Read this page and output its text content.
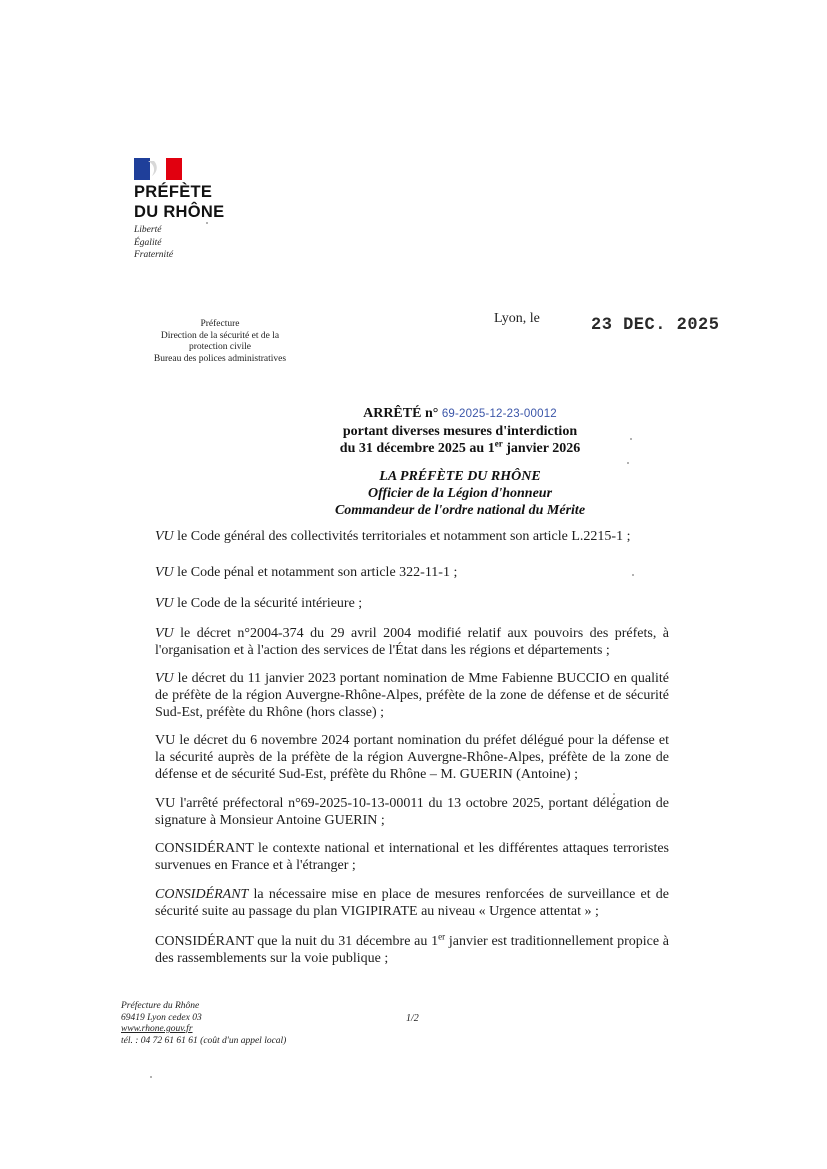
PRÉFÈTE
DU RHÔNE
Liberté
Égalité
Fraternité
Préfecture
Direction de la sécurité et de la
protection civile
Bureau des polices administratives
Lyon, le	23 DEC. 2025
ARRÊTÉ n° 69-2025-12-23-00012
portant diverses mesures d'interdiction
du 31 décembre 2025 au 1er janvier 2026
LA PRÉFÈTE DU RHÔNE
Officier de la Légion d'honneur
Commandeur de l'ordre national du Mérite
VU le Code général des collectivités territoriales et notamment son article L.2215-1 ;
VU le Code pénal et notamment son article 322-11-1 ;
VU le Code de la sécurité intérieure ;
VU le décret n°2004-374 du 29 avril 2004 modifié relatif aux pouvoirs des préfets, à l'organisation et à l'action des services de l'État dans les régions et départements ;
VU le décret du 11 janvier 2023 portant nomination de Mme Fabienne BUCCIO en qualité de préfète de la région Auvergne-Rhône-Alpes, préfète de la zone de défense et de sécurité Sud-Est, préfète du Rhône (hors classe) ;
VU le décret du 6 novembre 2024 portant nomination du préfet délégué pour la défense et la sécurité auprès de la préfète de la région Auvergne-Rhône-Alpes, préfète de la zone de défense et de sécurité Sud-Est, préfète du Rhône – M. GUERIN (Antoine) ;
VU l'arrêté préfectoral n°69-2025-10-13-00011 du 13 octobre 2025, portant délégation de signature à Monsieur Antoine GUERIN ;
CONSIDÉRANT le contexte national et international et les différentes attaques terroristes survenues en France et à l'étranger ;
CONSIDÉRANT la nécessaire mise en place de mesures renforcées de surveillance et de sécurité suite au passage du plan VIGIPIRATE au niveau « Urgence attentat » ;
CONSIDÉRANT que la nuit du 31 décembre au 1er janvier est traditionnellement propice à des rassemblements sur la voie publique ;
Préfecture du Rhône
69419 Lyon cedex 03
www.rhone.gouv.fr
tél. : 04 72 61 61 61 (coût d'un appel local)
1/2
